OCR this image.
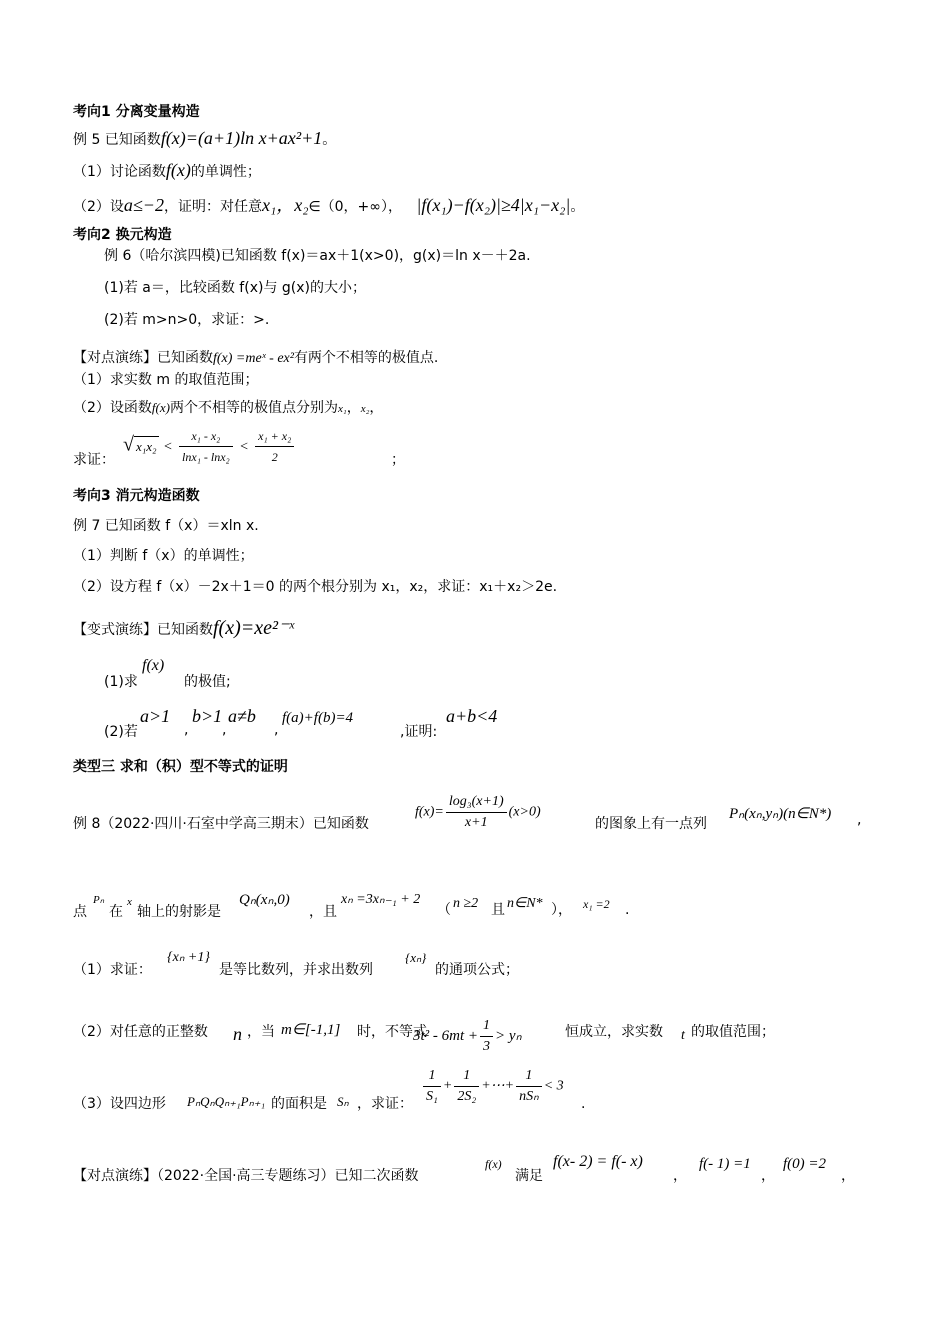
考向1 分离变量构造
例 5 已知函数f(x)=(a+1)ln x+ax²+1。
（1）讨论函数f(x)的单调性；
（2）设a≤−2，证明：对任意x₁，x₂∈（0，+∞）， |f(x₁)−f(x₂)|≥4|x₁−x₂|。
考向2 换元构造
例 6（哈尔滨四模)已知函数 f(x)＝ax＋1(x>0)，g(x)＝ln x－＋2a.
(1)若 a＝，比较函数 f(x)与 g(x)的大小；
(2)若 m>n>0，求证：>.
【对点演练】已知函数f(x) =meˣ - ex²有两个不相等的极值点.
（1）求实数 m 的取值范围；
（2）设函数f(x)两个不相等的极值点分别为x₁，x₂，
求证：
√ $x_1x_2 < \frac{\text{x₁ - x₂}}{\text{lnx₁ - lnx₂}} < \frac{\text{x₁ + x₂}}{2}$	；
考向3 消元构造函数
例 7 已知函数 f（x）＝xln x.
（1）判断 f（x）的单调性；
（2）设方程 f（x）－2x＋1＝0 的两个根分别为 x₁，x₂，求证：x₁＋x₂＞2e.
【变式演练】已知函数f(x)=xe²⁻ˣ
(1)求
f(x)
的极值;
(2)若
a>1
,
b>1
,
a≠b
,
f(a)+f(b)=4
,证明:
a+b<4
类型三 求和（积）型不等式的证明
例 8（2022·四川·石室中学高三期末）已知函数
$f(x)= \frac{\text{log₃(x+1)}}{x+1} (x>0)$
的图象上有一点列
Pₙ(xₙ,yₙ)(n∈N*) ,
点
Pₙ
在
x
轴上的射影是
Qₙ(xₙ,0)
，且
xₙ =3xₙ₋₁ + 2
（ n ≥2 且 n∈N* ）， x₁ =2 .
（1）求证：
{xₙ +1}
是等比数列，并求出数列
{xₙ}
的通项公式；
（2）对任意的正整数 n ，当 m∈[-1,1] 时，不等式
$3t^2 - 6mt + \frac{1}{3} > y_n$	恒成立，求实数 t 的取值范围；
（3）设四边形 PₙQₙQₙ₊₁Pₙ₊₁ 的面积是 Sₙ ，求证： $\frac{1}{\text{S₁}} + \frac{1}{\text{2S₂}}$ +⋯+ $\frac{1}{\text{nSₙ}} < 3$
.
【对点演练】（2022·全国·高三专题练习）已知二次函数
f(x)
满足
f(x- 2) = f(- x)
，
f(- 1) =1
，
f(0) =2
，
